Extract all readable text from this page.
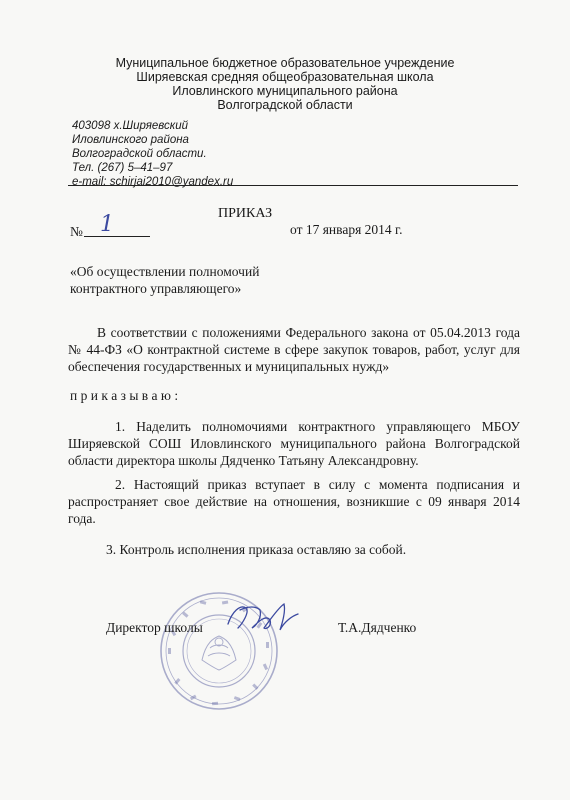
Муниципальное бюджетное образовательное учреждение
Ширяевская средняя общеобразовательная школа
Иловлинского муниципального района
Волгоградской области
403098 х.Ширяевский
Иловлинского района
Волгоградской области.
Тел. (267) 5–41–97
e-mail: schirjai2010@yandex.ru
ПРИКАЗ
№ 1	от 17 января 2014 г.
«Об осуществлении полномочий
контрактного управляющего»
В соответствии с положениями Федерального закона от 05.04.2013 года № 44-ФЗ «О контрактной системе в сфере закупок товаров, работ, услуг для обеспечения государственных и муниципальных нужд»
п р и к а з ы в а ю :
1. Наделить полномочиями контрактного управляющего МБОУ Ширяевской СОШ Иловлинского муниципального района Волгоградской области директора школы Дядченко Татьяну Александровну.
2. Настоящий приказ вступает в силу с момента подписания и распространяет свое действие на отношения, возникшие с 09 января 2014 года.
3. Контроль исполнения приказа оставляю за собой.
Директор школы	Т.А.Дядченко
